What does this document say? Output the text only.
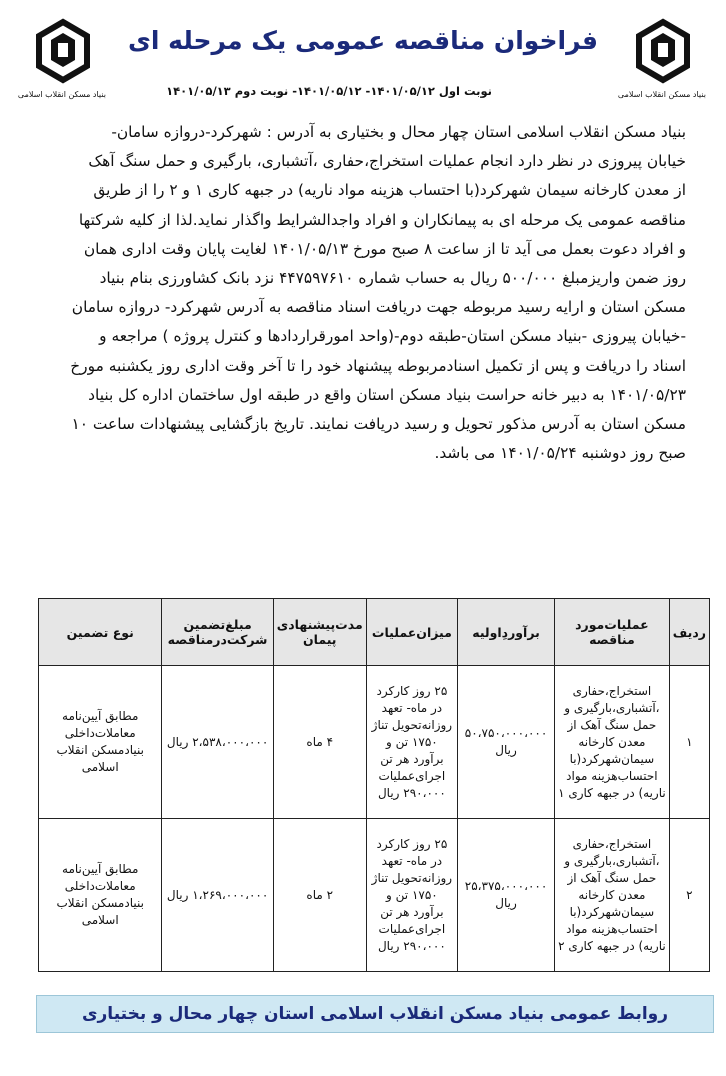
بنیاد مسکن انقلاب اسلامی
بنیاد مسکن انقلاب اسلامی
فراخوان مناقصه عمومی یک مرحله ای
نوبت اول ۱۴۰۱/۰۵/۱۲- ۱۴۰۱/۰۵/۱۲- نوبت دوم ۱۴۰۱/۰۵/۱۳
بنیاد مسکن انقلاب اسلامی استان چهار محال و بختیاری به آدرس : شهرکرد-دروازه سامان-
خیابان پیروزی در نظر دارد انجام عملیات استخراج،حفاری ،آتشباری، بارگیری و حمل سنگ آهک
از معدن کارخانه سیمان شهرکرد(با احتساب هزینه مواد ناریه) در جبهه کاری ۱ و ۲ را از طریق
مناقصه عمومی یک مرحله ای به پیمانکاران و افراد واجدالشرایط واگذار نماید.لذا از کلیه شرکتها
و افراد دعوت بعمل می آید تا از ساعت ۸ صبح مورخ ۱۴۰۱/۰۵/۱۳ لغایت پایان وقت اداری همان
روز ضمن واریزمبلغ ۵۰۰/۰۰۰ ریال به حساب شماره ۴۴۷۵۹۷۶۱۰ نزد بانک کشاورزی بنام بنیاد
مسکن استان و ارایه رسید مربوطه جهت دریافت اسناد مناقصه به آدرس شهرکرد- دروازه سامان
-خیابان پیروزی -بنیاد مسکن استان-طبقه دوم-(واحد امورقراردادها و کنترل پروژه ) مراجعه و
اسناد را دریافت و پس از تکمیل اسنادمربوطه پیشنهاد خود را تا آخر وقت اداری روز یکشنبه مورخ
۱۴۰۱/۰۵/۲۳ به دبیر خانه حراست بنیاد مسکن استان واقع در طبقه اول ساختمان اداره کل بنیاد
مسکن استان به آدرس مذکور تحویل و رسید دریافت نمایند. تاریخ بازگشایی پیشنهادات ساعت ۱۰
صبح روز دوشنبه ۱۴۰۱/۰۵/۲۴ می باشد.
ردیف	عملیات‌مورد مناقصه	برآوردِاولیه	میزان‌عملیات	مدت‌پیشنهادی پیمان	مبلغ‌تضمین شرکت‌در‌مناقصه	نوع تضمین
۱	استخراج،حفاری ،آتشباری،بارگیری و حمل سنگ آهک از معدن کارخانه سیمان‌شهرکرد(با احتساب‌هزینه مواد ناریه) در جبهه کاری ۱	۵۰،۷۵۰،۰۰۰،۰۰۰ ریال	۲۵ روز کارکرد در ماه- تعهد روزانه‌تحویل تناژ ۱۷۵۰ تن و برآورد هر تن اجرای‌عملیات ۲۹۰،۰۰۰ ریال	۴ ماه	۲،۵۳۸،۰۰۰،۰۰۰ ریال	مطابق آیین‌نامه معاملات‌داخلی بنیادمسکن انقلاب اسلامی
۲	استخراج،حفاری ،آتشباری،بارگیری و حمل سنگ آهک از معدن کارخانه سیمان‌شهرکرد(با احتساب‌هزینه مواد ناریه) در جبهه کاری ۲	۲۵،۳۷۵،۰۰۰،۰۰۰ ریال	۲۵ روز کارکرد در ماه- تعهد روزانه‌تحویل تناژ ۱۷۵۰ تن و برآورد هر تن اجرای‌عملیات ۲۹۰،۰۰۰ ریال	۲ ماه	۱،۲۶۹،۰۰۰،۰۰۰ ریال	مطابق آیین‌نامه معاملات‌داخلی بنیادمسکن انقلاب اسلامی
روابط عمومی بنیاد مسکن انقلاب اسلامی استان چهار محال و بختیاری
